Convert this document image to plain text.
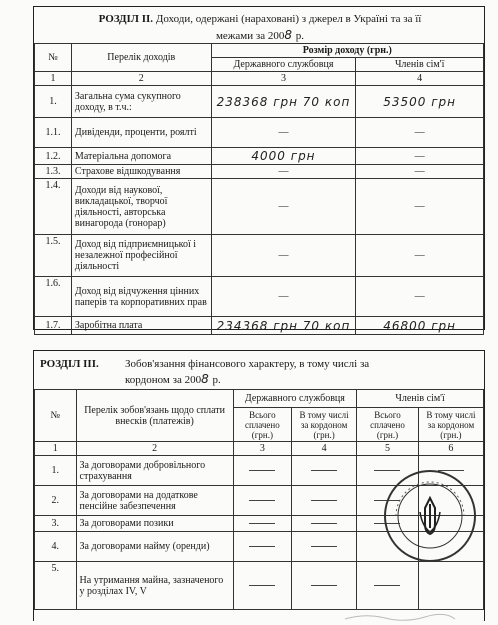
РОЗДІЛ ІІ. Доходи, одержані (нараховані) з джерел в Україні та за її
межами за 2008 р.
№	Перелік доходів	Розмір доходу (грн.)	
		Державного службовця	Членів сім'ї
1	2	3	4
1.	Загальна сума сукупного доходу, в т.ч.:	238368 грн 70 коп	53500 грн
1.1.	Дивіденди, проценти, роялті	—	—
1.2.	Матеріальна допомога	4000 грн	—
1.3.	Страхове відшкодування	—	—
1.4.	Доходи від наукової, викладацької, творчої діяльності, авторська винагорода (гонорар)	—	—
1.5.	Доход від підприємницької і незалежної професійної діяльності	—	—
1.6.	Доход від відчуження цінних паперів та корпоративних прав	—	—
1.7.	Заробітна плата	234368 грн 70 коп	46800 грн
РОЗДІЛ ІІІ. Зобов'язання фінансового характеру, в тому числі за
кордоном за 2008 р.
№	Перелік зобов'язань щодо сплати внесків (платежів)	Державного службовця		Членів сім'ї	
		Всього сплачено (грн.)	В тому числі за кордоном (грн.)	Всього сплачено (грн.)	В тому числі за кордоном (грн.)
1	2	3	4	5	6
1.	За договорами добровільного страхування				
2.	За договорами на додаткове пенсійне забезпечення				
3.	За договорами позики				
4.	За договорами найму (оренди)				
5.	На утримання майна, зазначеного у розділах IV, V				
